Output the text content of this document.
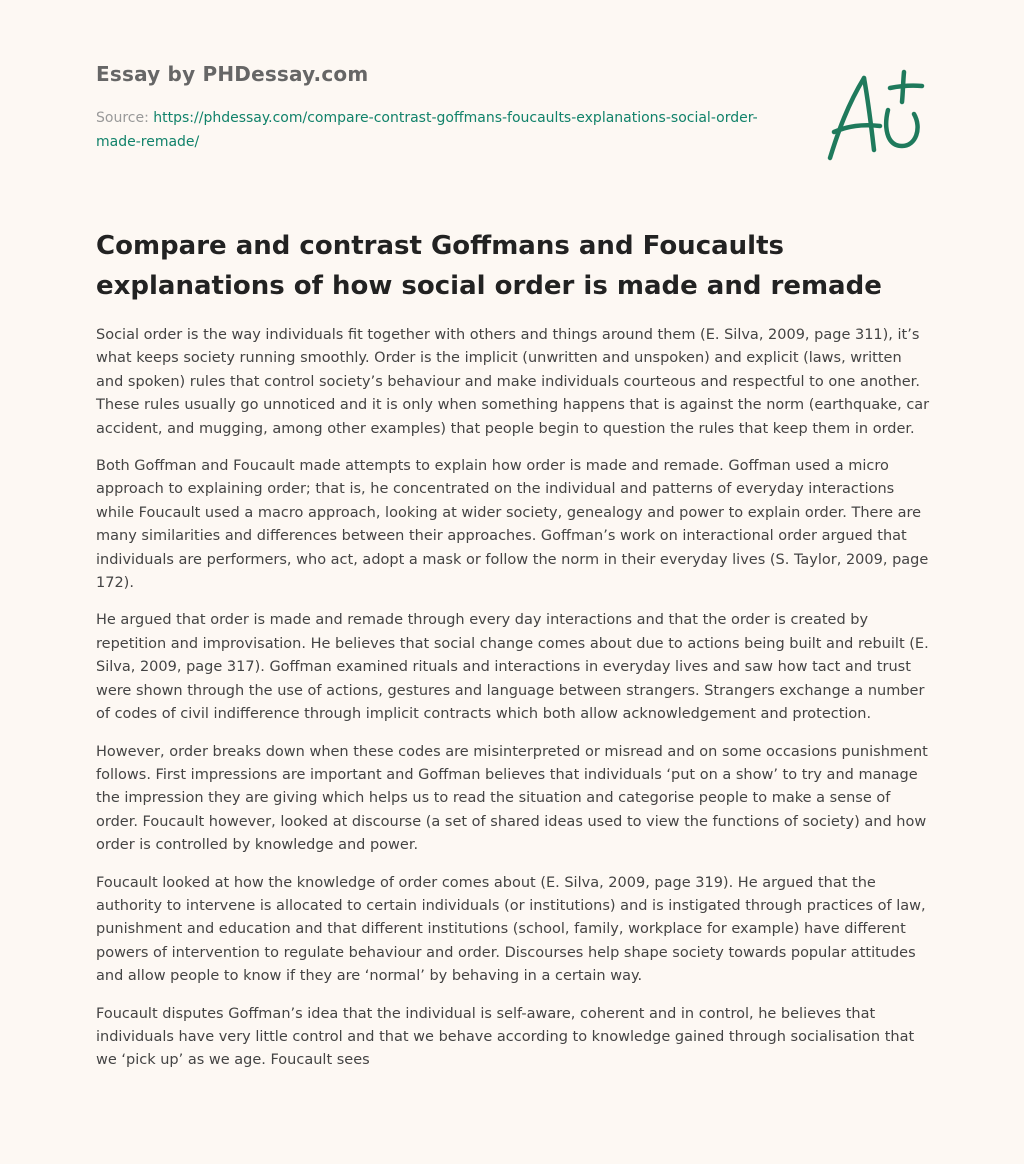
Essay by PHDessay.com

Source: https://phdessay.com/compare-contrast-goffmans-foucaults-explanations-social-order-made-remade/

Compare and contrast Goffmans and Foucaults explanations of how social order is made and remade

Social order is the way individuals fit together with others and things around them (E. Silva, 2009, page 311), it’s what keeps society running smoothly. Order is the implicit (unwritten and unspoken) and explicit (laws, written and spoken) rules that control society’s behaviour and make individuals courteous and respectful to one another. These rules usually go unnoticed and it is only when something happens that is against the norm (earthquake, car accident, and mugging, among other examples) that people begin to question the rules that keep them in order.

Both Goffman and Foucault made attempts to explain how order is made and remade. Goffman used a micro approach to explaining order; that is, he concentrated on the individual and patterns of everyday interactions while Foucault used a macro approach, looking at wider society, genealogy and power to explain order. There are many similarities and differences between their approaches. Goffman’s work on interactional order argued that individuals are performers, who act, adopt a mask or follow the norm in their everyday lives (S. Taylor, 2009, page 172).

He argued that order is made and remade through every day interactions and that the order is created by repetition and improvisation. He believes that social change comes about due to actions being built and rebuilt (E. Silva, 2009, page 317). Goffman examined rituals and interactions in everyday lives and saw how tact and trust were shown through the use of actions, gestures and language between strangers. Strangers exchange a number of codes of civil indifference through implicit contracts which both allow acknowledgement and protection.

However, order breaks down when these codes are misinterpreted or misread and on some occasions punishment follows. First impressions are important and Goffman believes that individuals ‘put on a show’ to try and manage the impression they are giving which helps us to read the situation and categorise people to make a sense of order. Foucault however, looked at discourse (a set of shared ideas used to view the functions of society) and how order is controlled by knowledge and power.

Foucault looked at how the knowledge of order comes about (E. Silva, 2009, page 319). He argued that the authority to intervene is allocated to certain individuals (or institutions) and is instigated through practices of law, punishment and education and that different institutions (school, family, workplace for example) have different powers of intervention to regulate behaviour and order. Discourses help shape society towards popular attitudes and allow people to know if they are ‘normal’ by behaving in a certain way.

Foucault disputes Goffman’s idea that the individual is self-aware, coherent and in control, he believes that individuals have very little control and that we behave according to knowledge gained through socialisation that we ‘pick up’ as we age. Foucault sees
